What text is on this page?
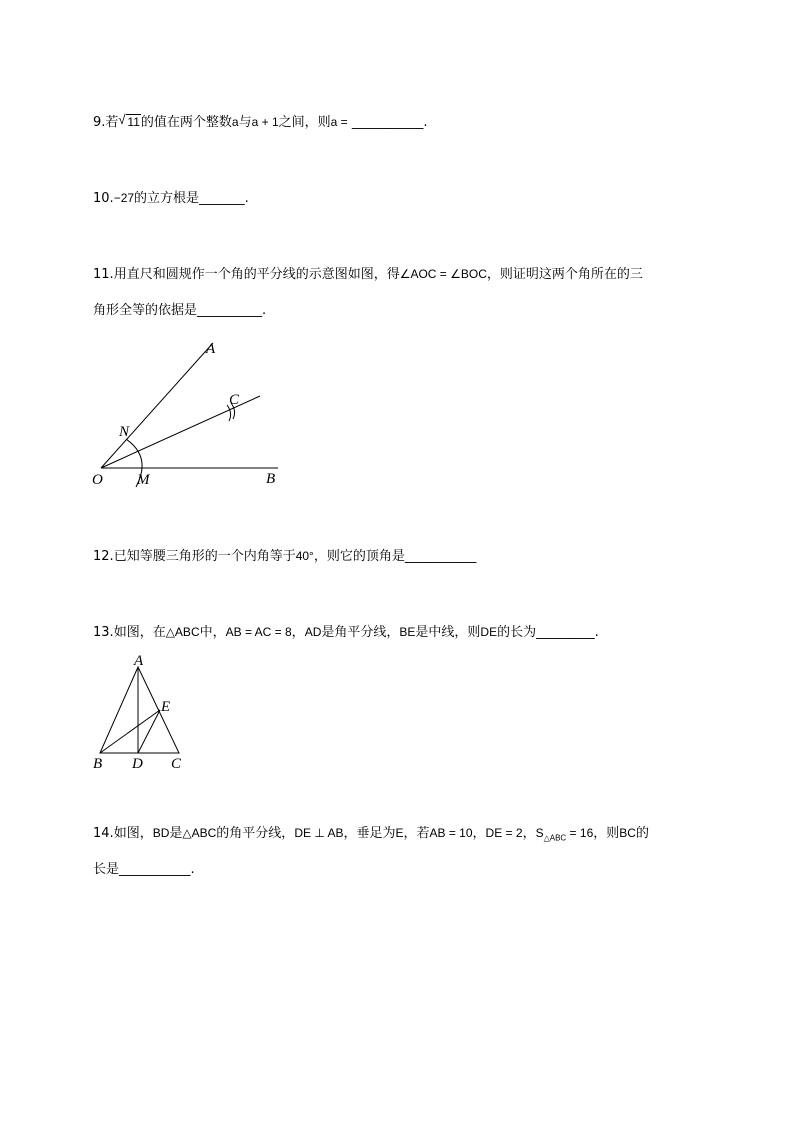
9.若 √ 11的值在两个整数a与a + 1之间，则a = ___________.
10.−27的立方根是_______.
11.用直尺和圆规作一个角的平分线的示意图如图，得∠AOC = ∠BOC，则证明这两个角所在的三
角形全等的依据是__________.
A
C
N
O M	B
12.已知等腰三角形的一个内角等于40°，则它的顶角是___________
13.如图，在△ABC中，AB = AC = 8，AD是角平分线，BE是中线，则DE的长为_________.
A
E
B D C
14.如图，BD是△ABC的角平分线，DE ⊥ AB，垂足为E，若AB = 10，DE = 2，$S_{\triangle ABC} = 16$，则BC的
长是___________.
